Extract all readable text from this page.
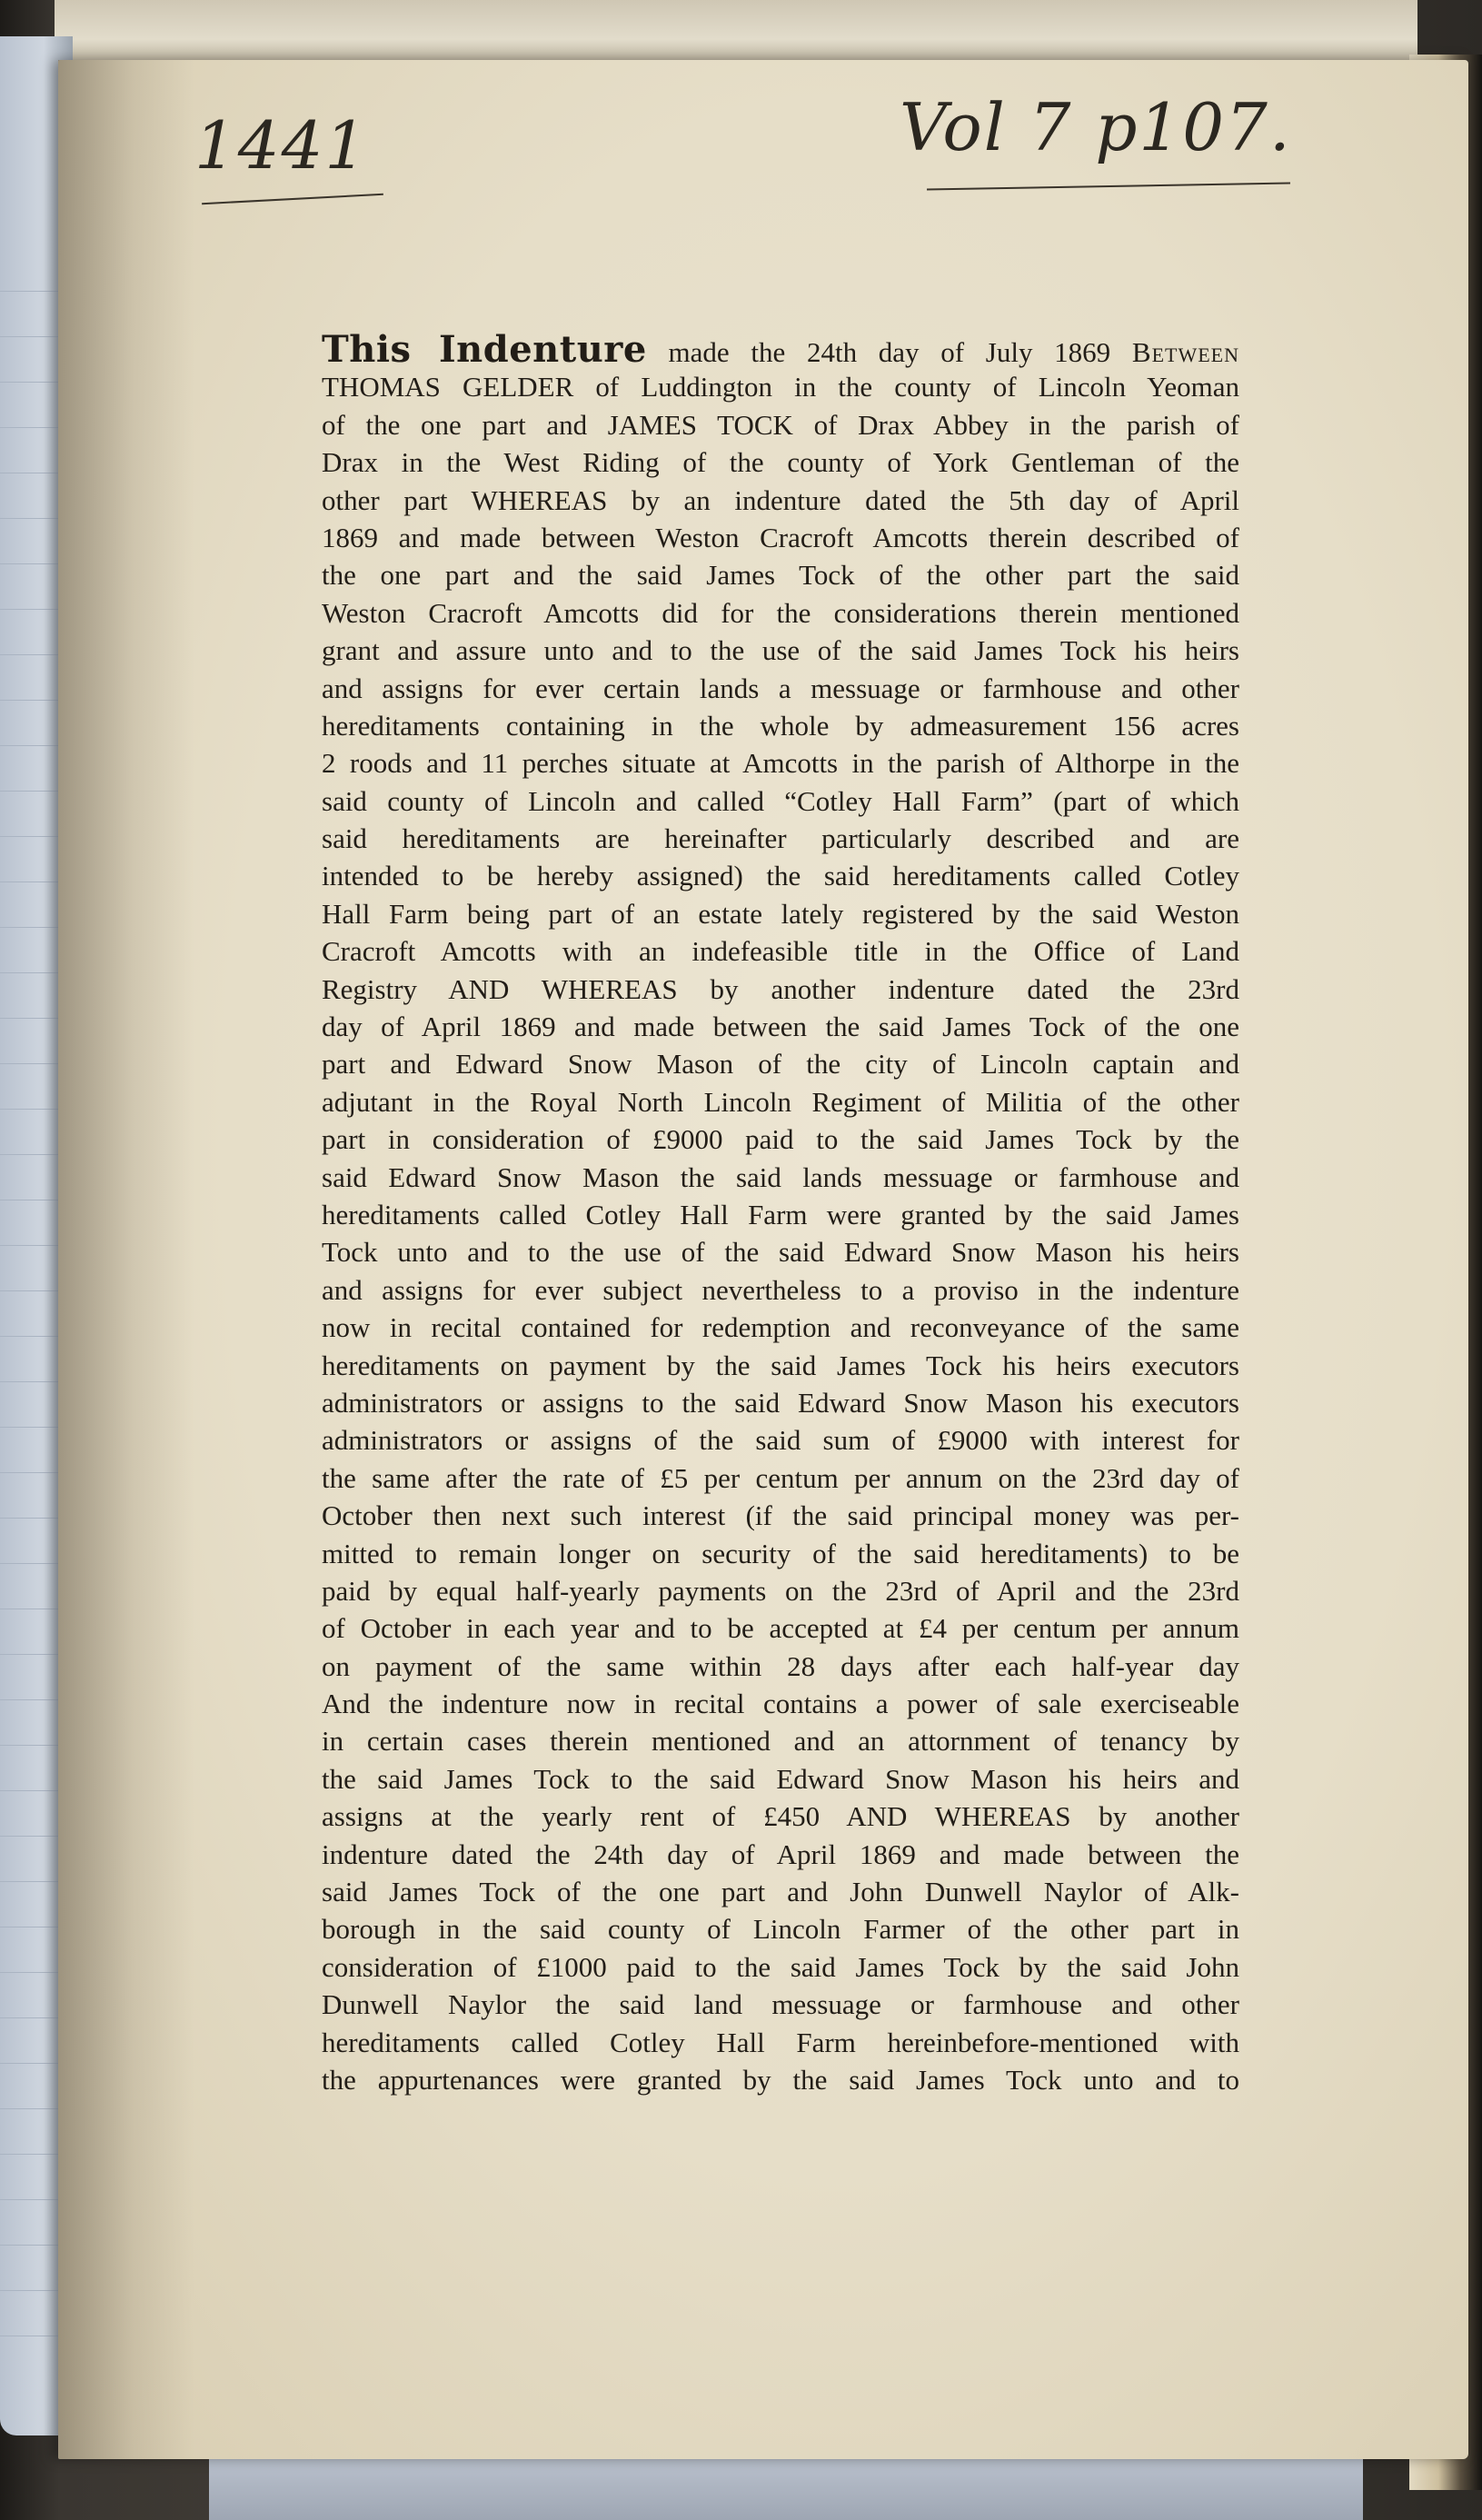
1441	Vol 7 p107.
This Indenture made the 24th day of July 1869 Between
THOMAS GELDER of Luddington in the county of Lincoln Yeoman
of the one part and JAMES TOCK of Drax Abbey in the parish of
Drax in the West Riding of the county of York Gentleman of the
other part WHEREAS by an indenture dated the 5th day of April
1869 and made between Weston Cracroft Amcotts therein described of
the one part and the said James Tock of the other part the said
Weston Cracroft Amcotts did for the considerations therein mentioned
grant and assure unto and to the use of the said James Tock his heirs
and assigns for ever certain lands a messuage or farmhouse and other
hereditaments containing in the whole by admeasurement 156 acres
2 roods and 11 perches situate at Amcotts in the parish of Althorpe in the
said county of Lincoln and called “Cotley Hall Farm” (part of which
said hereditaments are hereinafter particularly described and are
intended to be hereby assigned) the said hereditaments called Cotley
Hall Farm being part of an estate lately registered by the said Weston
Cracroft Amcotts with an indefeasible title in the Office of Land
Registry AND WHEREAS by another indenture dated the 23rd
day of April 1869 and made between the said James Tock of the one
part and Edward Snow Mason of the city of Lincoln captain and
adjutant in the Royal North Lincoln Regiment of Militia of the other
part in consideration of £9000 paid to the said James Tock by the
said Edward Snow Mason the said lands messuage or farmhouse and
hereditaments called Cotley Hall Farm were granted by the said James
Tock unto and to the use of the said Edward Snow Mason his heirs
and assigns for ever subject nevertheless to a proviso in the indenture
now in recital contained for redemption and reconveyance of the same
hereditaments on payment by the said James Tock his heirs executors
administrators or assigns to the said Edward Snow Mason his executors
administrators or assigns of the said sum of £9000 with interest for
the same after the rate of £5 per centum per annum on the 23rd day of
October then next such interest (if the said principal money was per-
mitted to remain longer on security of the said hereditaments) to be
paid by equal half-yearly payments on the 23rd of April and the 23rd
of October in each year and to be accepted at £4 per centum per annum
on payment of the same within 28 days after each half-year day
And the indenture now in recital contains a power of sale exerciseable
in certain cases therein mentioned and an attornment of tenancy by
the said James Tock to the said Edward Snow Mason his heirs and
assigns at the yearly rent of £450 AND WHEREAS by another
indenture dated the 24th day of April 1869 and made between the
said James Tock of the one part and John Dunwell Naylor of Alk-
borough in the said county of Lincoln Farmer of the other part in
consideration of £1000 paid to the said James Tock by the said John
Dunwell Naylor the said land messuage or farmhouse and other
hereditaments called Cotley Hall Farm hereinbefore-mentioned with
the appurtenances were granted by the said James Tock unto and to
